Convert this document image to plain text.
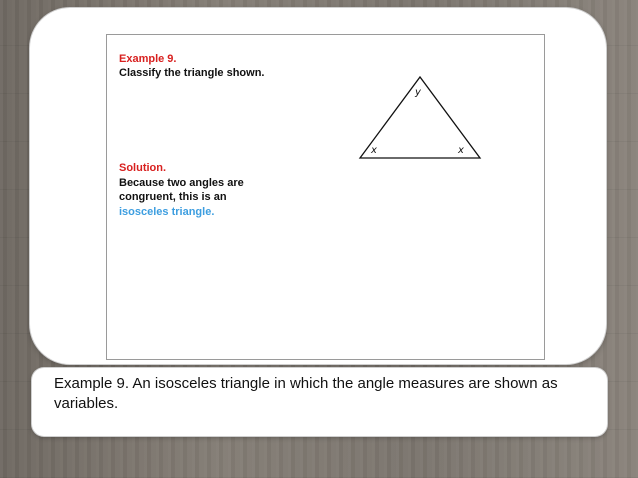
Example 9.
Classify the triangle shown.
y
x	x
Solution.
Because two angles are
congruent, this is an
isosceles triangle.
Example 9. An isosceles triangle in which the angle measures are shown as variables.
